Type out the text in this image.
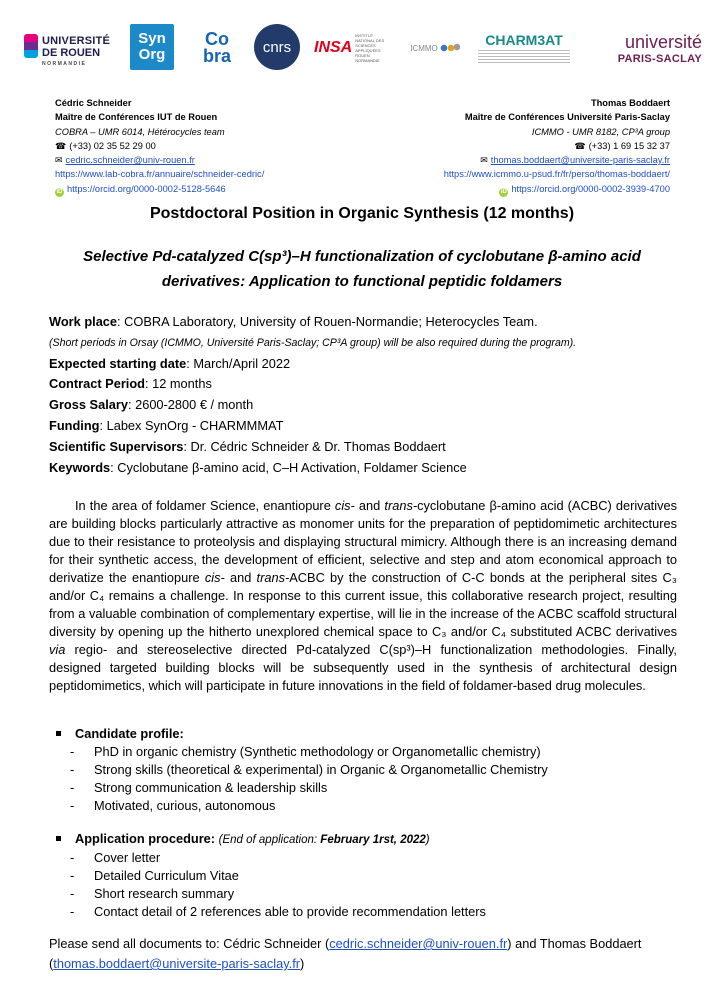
UNIVERSITÉ
DE ROUEN
NORMANDIE
Syn
Org
Co
bra cnrs INSA
INSTITUT NATIONAL DES SCIENCES APPLIQUÉES ROUEN NORMANDIE
ICMMO	CHARM3AT	université
PARIS-SACLAY
Cédric Schneider
Maître de Conférences IUT de Rouen
COBRA – UMR 6014, Hétérocycles team
☎ (+33) 02 35 52 29 00
✉ cedric.schneider@univ-rouen.fr
https://www.lab-cobra.fr/annuaire/schneider-cedric/
iD https://orcid.org/0000-0002-5128-5646
Thomas Boddaert
Maître de Conférences Université Paris-Saclay
ICMMO - UMR 8182, CP³A group
☎ (+33) 1 69 15 32 37
✉ thomas.boddaert@universite-paris-saclay.fr
https://www.icmmo.u-psud.fr/fr/perso/thomas-boddaert/
iD https://orcid.org/0000-0002-3939-4700
Postdoctoral Position in Organic Synthesis (12 months)
Selective Pd-catalyzed C(sp³)–H functionalization of cyclobutane β-amino acid
derivatives: Application to functional peptidic foldamers
Work place: COBRA Laboratory, University of Rouen-Normandie; Heterocycles Team.
(Short periods in Orsay (ICMMO, Université Paris-Saclay; CP³A group) will be also required during the program).
Expected starting date: March/April 2022
Contract Period: 12 months
Gross Salary: 2600-2800 € / month
Funding: Labex SynOrg - CHARMMMAT
Scientific Supervisors: Dr. Cédric Schneider & Dr. Thomas Boddaert
Keywords: Cyclobutane β-amino acid, C–H Activation, Foldamer Science
In the area of foldamer Science, enantiopure cis- and trans-cyclobutane β-amino acid (ACBC) derivatives are building blocks particularly attractive as monomer units for the preparation of peptidomimetic architectures due to their resistance to proteolysis and displaying structural mimicry. Although there is an increasing demand for their synthetic access, the development of efficient, selective and step and atom economical approach to derivatize the enantiopure cis- and trans-ACBC by the construction of C-C bonds at the peripheral sites C₃ and/or C₄ remains a challenge. In response to this current issue, this collaborative research project, resulting from a valuable combination of complementary expertise, will lie in the increase of the ACBC scaffold structural diversity by opening up the hitherto unexplored chemical space to C₃ and/or C₄ substituted ACBC derivatives via regio- and stereoselective directed Pd-catalyzed C(sp³)–H functionalization methodologies. Finally, designed targeted building blocks will be subsequently used in the synthesis of architectural design peptidomimetics, which will participate in future innovations in the field of foldamer-based drug molecules.
Candidate profile:
- PhD in organic chemistry (Synthetic methodology or Organometallic chemistry)
- Strong skills (theoretical & experimental) in Organic & Organometallic Chemistry
- Strong communication & leadership skills
- Motivated, curious, autonomous
Application procedure: (End of application: February 1rst, 2022)
- Cover letter
- Detailed Curriculum Vitae
- Short research summary
- Contact detail of 2 references able to provide recommendation letters
Please send all documents to: Cédric Schneider (cedric.schneider@univ-rouen.fr) and Thomas Boddaert
(thomas.boddaert@universite-paris-saclay.fr)
